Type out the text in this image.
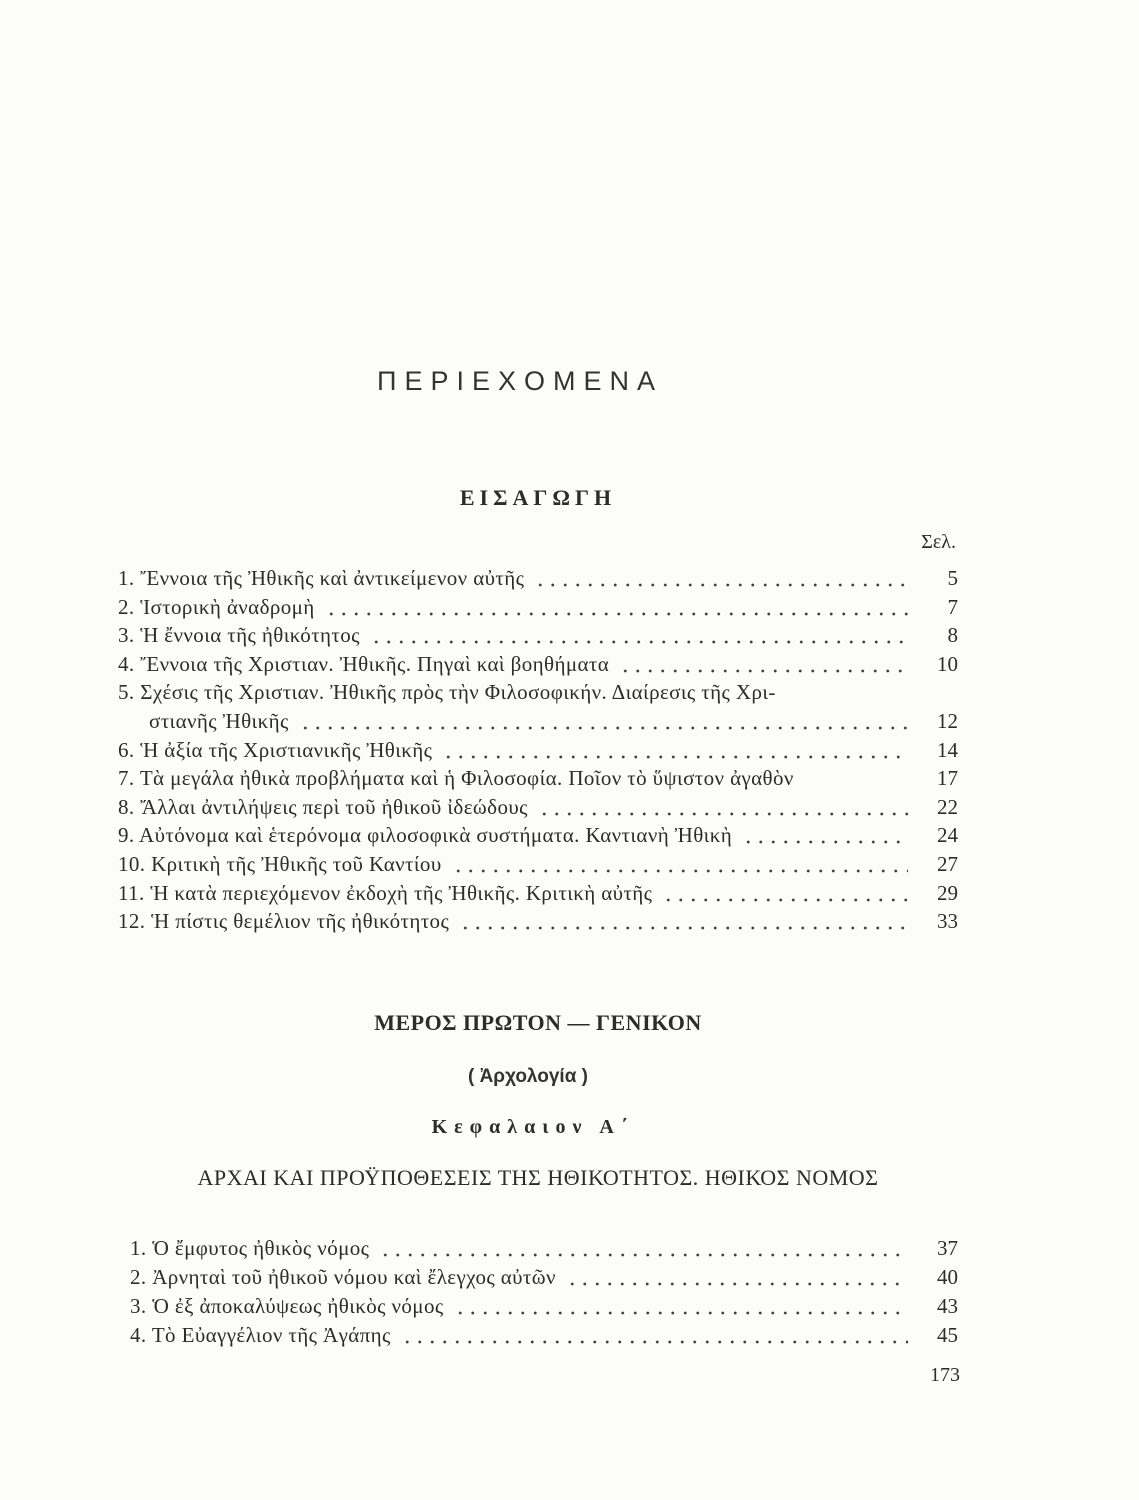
ΠΕΡΙΕΧΟΜΕΝΑ
ΕΙΣΑΓΩΓΗ
Σελ.
1. Ἔννοια τῆς Ἠθικῆς καὶ ἀντικείμενον αὐτῆς	5
2. Ἱστορικὴ ἀναδρομὴ	7
3. Ἡ ἔννοια τῆς ἠθικότητος	8
4. Ἔννοια τῆς Χριστιαν. Ἠθικῆς. Πηγαὶ καὶ βοηθήματα	10
5. Σχέσις τῆς Χριστιαν. Ἠθικῆς πρὸς τὴν Φιλοσοφικήν. Διαίρεσις τῆς Χρι-
στιανῆς Ἠθικῆς	12
6. Ἡ ἀξία τῆς Χριστιανικῆς Ἠθικῆς	14
7. Τὰ μεγάλα ἠθικὰ προβλήματα καὶ ἡ Φιλοσοφία. Ποῖον τὸ ὕψιστον ἀγαθὸν	17
8. Ἄλλαι ἀντιλήψεις περὶ τοῦ ἠθικοῦ ἰδεώδους	22
9. Αὐτόνομα καὶ ἑτερόνομα φιλοσοφικὰ συστήματα. Καντιανὴ Ἠθικὴ	24
10. Κριτικὴ τῆς Ἠθικῆς τοῦ Καντίου	27
11. Ἡ κατὰ περιεχόμενον ἐκδοχὴ τῆς Ἠθικῆς. Κριτικὴ αὐτῆς	29
12. Ἡ πίστις θεμέλιον τῆς ἠθικότητος	33
ΜΕΡΟΣ ΠΡΩΤΟΝ — ΓΕΝΙΚΟΝ
( Ἀρχολογία )
Κεφαλαιον Α΄
ΑΡΧΑΙ ΚΑΙ ΠΡΟΫΠΟΘΕΣΕΙΣ ΤΗΣ ΗΘΙΚΟΤΗΤΟΣ. ΗΘΙΚΟΣ ΝΟΜΟΣ
1. Ὁ ἔμφυτος ἠθικὸς νόμος	37
2. Ἀρνηταὶ τοῦ ἠθικοῦ νόμου καὶ ἔλεγχος αὐτῶν	40
3. Ὁ ἐξ ἀποκαλύψεως ἠθικὸς νόμος	43
4. Τὸ Εὐαγγέλιον τῆς Ἀγάπης	45
173
